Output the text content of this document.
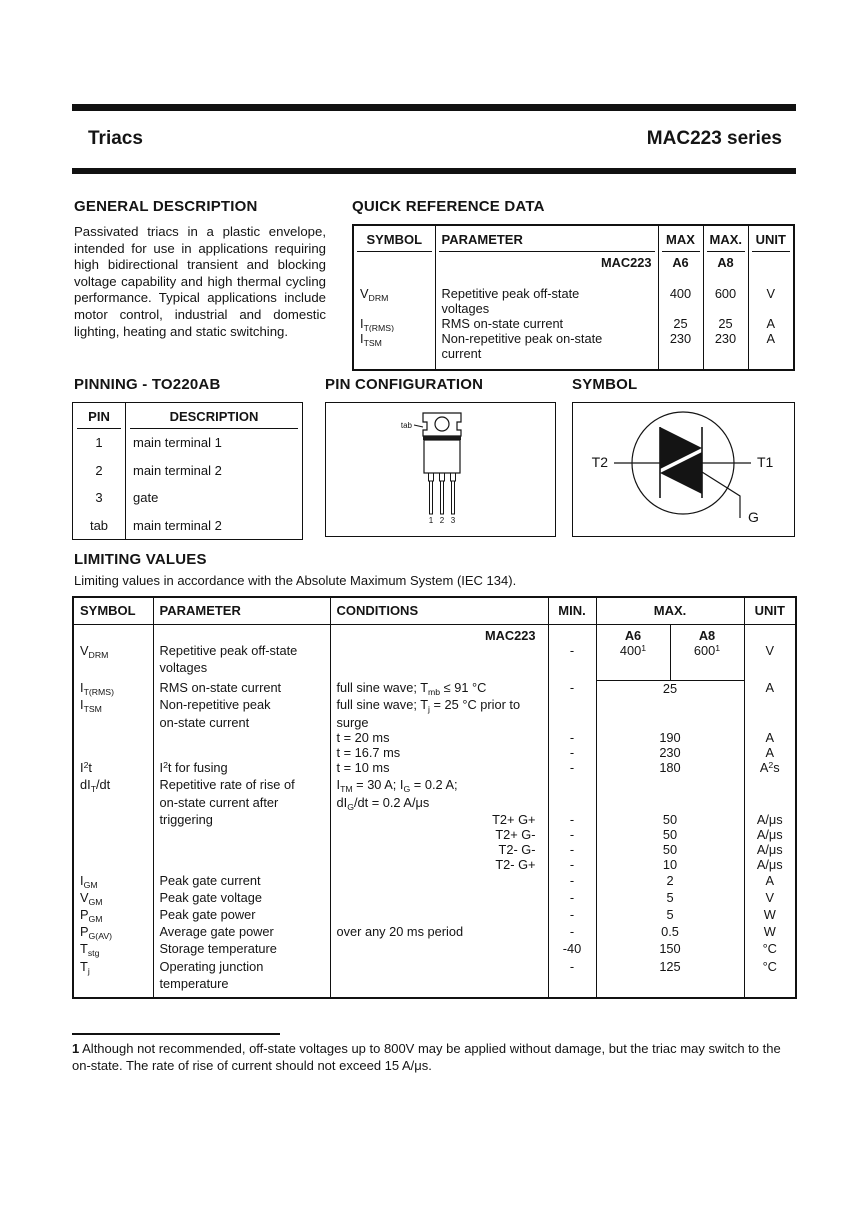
Triacs	MAC223 series
GENERAL DESCRIPTION
Passivated triacs in a plastic envelope, intended for use in applications requiring high bidirectional transient and blocking voltage capability and high thermal cycling performance. Typical applications include motor control, industrial and domestic lighting, heating and static switching.
QUICK REFERENCE DATA
SYMBOL	PARAMETER	MAX	MAX.	UNIT

	MAC223	A6	A8	
$V_{DRM}$	Repetitive peak off-state	400	600	V
	voltages			
$I_{T(RMS)}$	RMS on-state current	25	25	A
$I_{TSM}$	Non-repetitive peak on-state	230	230	A
	current			
PINNING - TO220AB
PIN	DESCRIPTION

1	main terminal 1
2	main terminal 2
3	gate
tab	main terminal 2
PIN CONFIGURATION
tab
1 2 3
SYMBOL
T2	T1
G
LIMITING VALUES
Limiting values in accordance with the Absolute Maximum System (IEC 134).
SYMBOL	PARAMETER	CONDITIONS	MIN.	MAX.		UNIT
		MAC223		A6	A8	
$V_{DRM}$	Repetitive peak off-state		-	$400^1$	$600^1$	V
	voltages					

$I_{T(RMS)}$	RMS on-state current	full sine wave; $T_{mb} \le 91$ °C	-	25		A
$I_{TSM}$	Non-repetitive peak	full sine wave; $T_j = 25$ °C prior to				
	on-state current	surge				
		t = 20 ms	-	190		A
		t = 16.7 ms	-	230		A
$I^2t$	$I^2t$ for fusing	t = 10 ms	-	180		$A^2s$
$dI_T/dt$	Repetitive rate of rise of	$I_{TM} = 30$ A; $I_G = 0.2$ A;				
	on-state current after	$dI_G/dt = 0.2$ A/μs				
	triggering	T2+ G+	-	50		A/μs
		T2+ G-	-	50		A/μs
		T2- G-	-	50		A/μs
		T2- G+	-	10		A/μs
$I_{GM}$	Peak gate current		-	2		A
$V_{GM}$	Peak gate voltage		-	5		V
$P_{GM}$	Peak gate power		-	5		W
$P_{G(AV)}$	Average gate power	over any 20 ms period	-	0.5		W
$T_{stg}$	Storage temperature		-40	150		°C
$T_j$	Operating junction		-	125		°C
	temperature					
1 Although not recommended, off-state voltages up to 800V may be applied without damage, but the triac may switch to the on-state. The rate of rise of current should not exceed 15 A/μs.
